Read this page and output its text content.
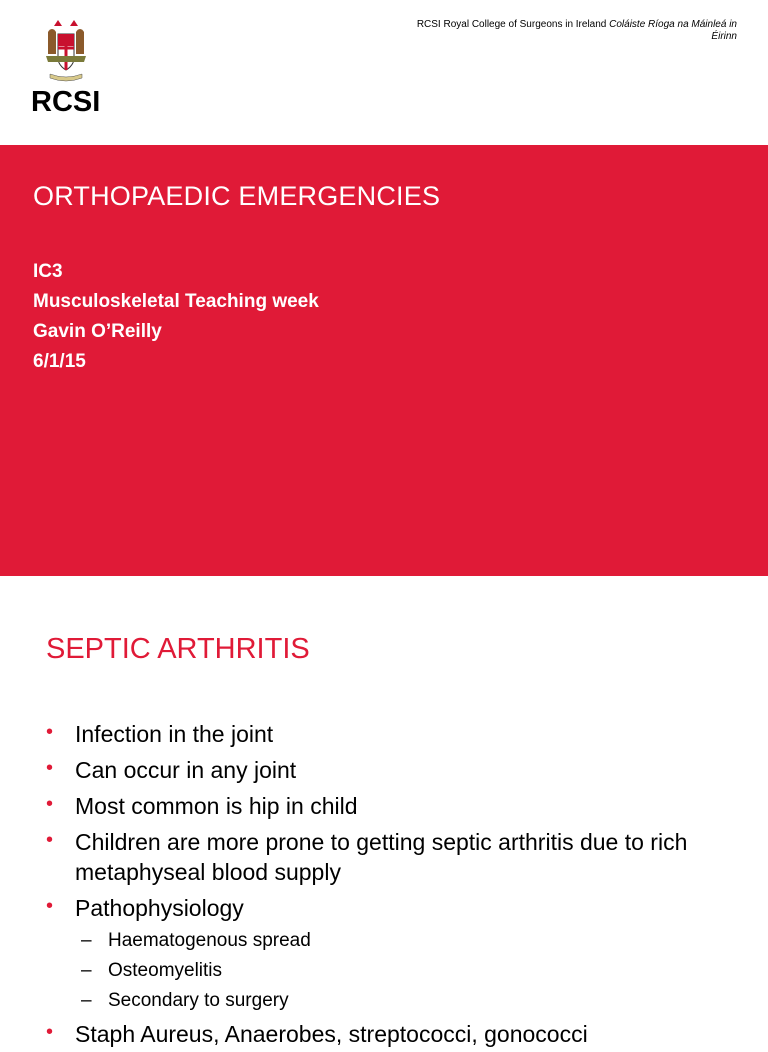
RCSI
RCSI Royal College of Surgeons in Ireland Coláiste Ríoga na Máinleá in Éirinn
ORTHOPAEDIC EMERGENCIES
IC3
Musculoskeletal Teaching week
Gavin O’Reilly
6/1/15
SEPTIC ARTHRITIS
• Infection in the joint
• Can occur in any joint
• Most common is hip in child
• Children are more prone to getting septic arthritis due to rich metaphyseal blood supply
• Pathophysiology
– Haematogenous spread
– Osteomyelitis
– Secondary to surgery
• Staph Aureus, Anaerobes, streptococci, gonococci
